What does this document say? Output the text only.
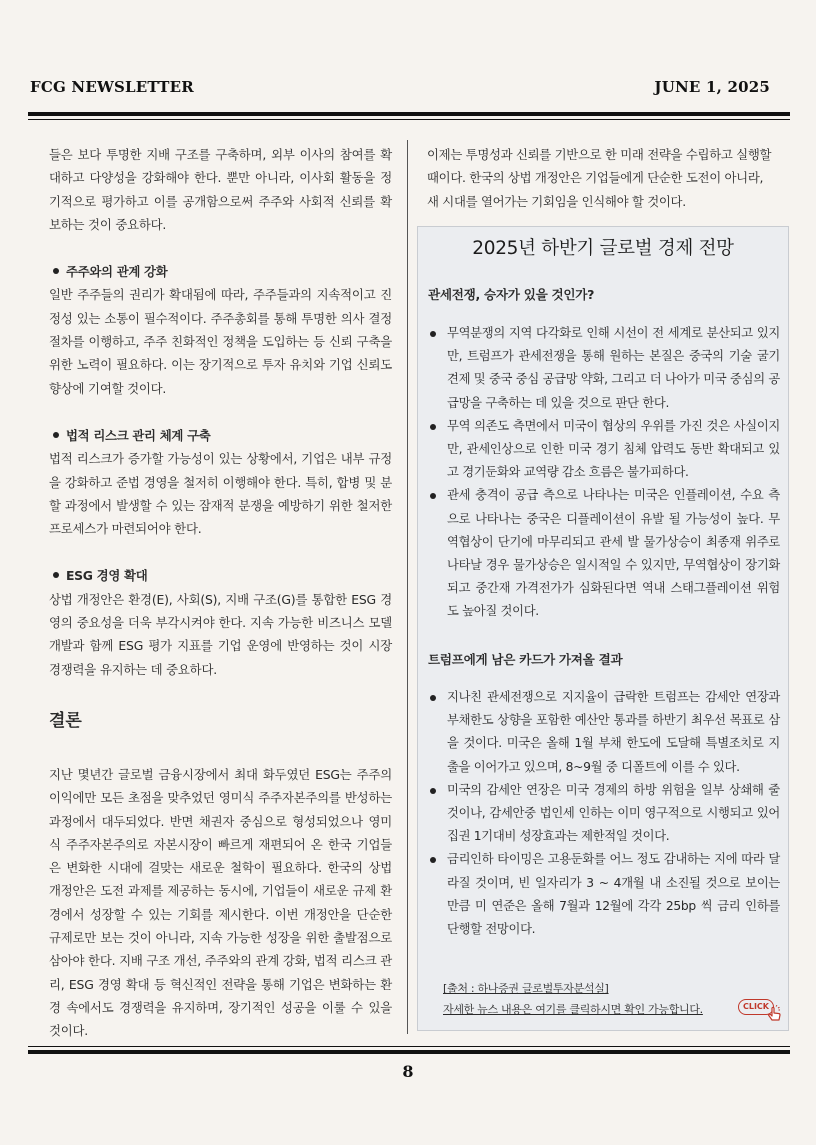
FCG NEWSLETTER	JUNE 1, 2025

들은 보다 투명한 지배 구조를 구축하며, 외부 이사의 참여를 확대하고 다양성을 강화해야 한다. 뿐만 아니라, 이사회 활동을 정기적으로 평가하고 이를 공개함으로써 주주와 사회적 신뢰를 확보하는 것이 중요하다.

주주와의 관계 강화

일반 주주들의 권리가 확대됨에 따라, 주주들과의 지속적이고 진정성 있는 소통이 필수적이다. 주주총회를 통해 투명한 의사 결정 절차를 이행하고, 주주 친화적인 정책을 도입하는 등 신뢰 구축을 위한 노력이 필요하다. 이는 장기적으로 투자 유치와 기업 신뢰도 향상에 기여할 것이다.

법적 리스크 관리 체계 구축

법적 리스크가 증가할 가능성이 있는 상황에서, 기업은 내부 규정을 강화하고 준법 경영을 철저히 이행해야 한다. 특히, 합병 및 분할 과정에서 발생할 수 있는 잠재적 분쟁을 예방하기 위한 철저한 프로세스가 마련되어야 한다.

ESG 경영 확대

상법 개정안은 환경(E), 사회(S), 지배 구조(G)를 통합한 ESG 경영의 중요성을 더욱 부각시켜야 한다. 지속 가능한 비즈니스 모델 개발과 함께 ESG 평가 지표를 기업 운영에 반영하는 것이 시장 경쟁력을 유지하는 데 중요하다.

결론

지난 몇년간 글로벌 금융시장에서 최대 화두였던 ESG는 주주의 이익에만 모든 초점을 맞추었던 영미식 주주자본주의를 반성하는 과정에서 대두되었다. 반면 채권자 중심으로 형성되었으나 영미식 주주자본주의로 자본시장이 빠르게 재편되어 온 한국 기업들은 변화한 시대에 걸맞는 새로운 철학이 필요하다. 한국의 상법 개정안은 도전 과제를 제공하는 동시에, 기업들이 새로운 규제 환경에서 성장할 수 있는 기회를 제시한다. 이번 개정안을 단순한 규제로만 보는 것이 아니라, 지속 가능한 성장을 위한 출발점으로 삼아야 한다. 지배 구조 개선, 주주와의 관계 강화, 법적 리스크 관리, ESG 경영 확대 등 혁신적인 전략을 통해 기업은 변화하는 환경 속에서도 경쟁력을 유지하며, 장기적인 성공을 이룰 수 있을 것이다.

이제는 투명성과 신뢰를 기반으로 한 미래 전략을 수립하고 실행할 때이다. 한국의 상법 개정안은 기업들에게 단순한 도전이 아니라, 새 시대를 열어가는 기회임을 인식해야 할 것이다.

2025년 하반기 글로벌 경제 전망
관세전쟁, 승자가 있을 것인가?
무역분쟁의 지역 다각화로 인해 시선이 전 세계로 분산되고 있지만, 트럼프가 관세전쟁을 통해 원하는 본질은 중국의 기술 굴기 견제 및 중국 중심 공급망 약화, 그리고 더 나아가 미국 중심의 공급망을 구축하는 데 있을 것으로 판단 한다.
무역 의존도 측면에서 미국이 협상의 우위를 가진 것은 사실이지만, 관세인상으로 인한 미국 경기 침체 압력도 동반 확대되고 있고 경기둔화와 교역량 감소 흐름은 불가피하다.
관세 충격이 공급 측으로 나타나는 미국은 인플레이션, 수요 측으로 나타나는 중국은 디플레이션이 유발 될 가능성이 높다. 무역협상이 단기에 마무리되고 관세 발 물가상승이 최종재 위주로 나타날 경우 물가상승은 일시적일 수 있지만, 무역협상이 장기화 되고 중간재 가격전가가 심화된다면 역내 스태그플레이션 위험도 높아질 것이다.
트럼프에게 남은 카드가 가져올 결과
지나친 관세전쟁으로 지지율이 급락한 트럼프는 감세안 연장과 부채한도 상향을 포함한 예산안 통과를 하반기 최우선 목표로 삼을 것이다. 미국은 올해 1월 부채 한도에 도달해 특별조치로 지출을 이어가고 있으며, 8~9월 중 디폴트에 이를 수 있다.
미국의 감세안 연장은 미국 경제의 하방 위험을 일부 상쇄해 줄 것이나, 감세안중 법인세 인하는 이미 영구적으로 시행되고 있어 집권 1기대비 성장효과는 제한적일 것이다.
금리인하 타이밍은 고용둔화를 어느 정도 감내하는 지에 따라 달라질 것이며, 빈 일자리가 3 ~ 4개월 내 소진될 것으로 보이는 만큼 미 연준은 올해 7월과 12월에 각각 25bp 씩 금리 인하를 단행할 전망이다.
[출처 : 하나증권 글로벌투자분석실]
자세한 뉴스 내용은 여기를 클릭하시면 확인 가능합니다.	CLICK
8
